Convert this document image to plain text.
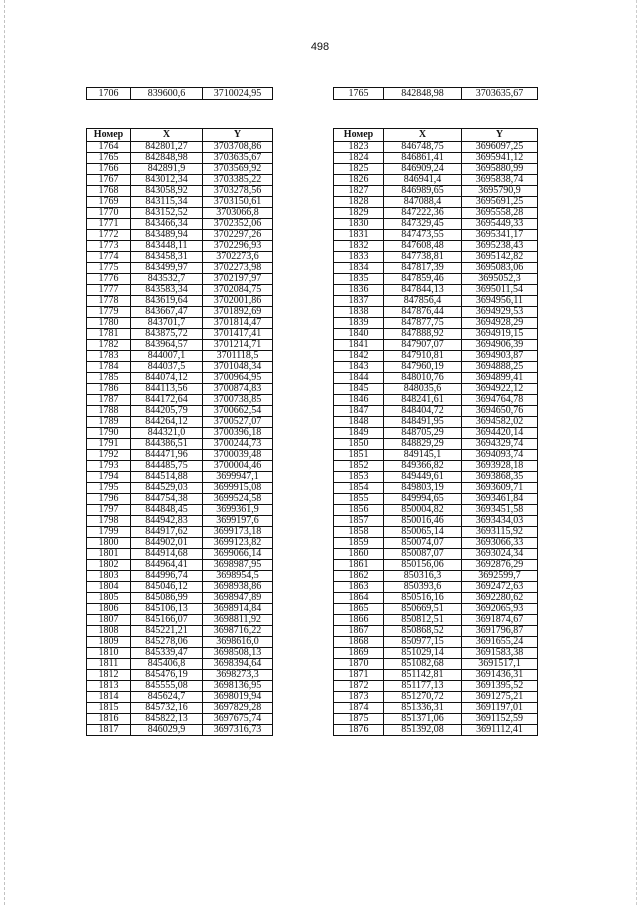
498
1706	839600,6	3710024,95	1765	842848,98	3703635,67
Номер	X	Y
1764	842801,27	3703708,86
1765	842848,98	3703635,67
1766	842891,9	3703569,92
1767	843012,34	3703385,22
1768	843058,92	3703278,56
1769	843115,34	3703150,61
1770	843152,52	3703066,8
1771	843466,34	3702352,06
1772	843489,94	3702297,26
1773	843448,11	3702296,93
1774	843458,31	3702273,6
1775	843499,97	3702273,98
1776	843532,7	3702197,97
1777	843583,34	3702084,75
1778	843619,64	3702001,86
1779	843667,47	3701892,69
1780	843701,7	3701814,47
1781	843875,72	3701417,41
1782	843964,57	3701214,71
1783	844007,1	3701118,5
1784	844037,5	3701048,34
1785	844074,12	3700964,95
1786	844113,56	3700874,83
1787	844172,64	3700738,85
1788	844205,79	3700662,54
1789	844264,12	3700527,07
1790	844321,0	3700396,18
1791	844386,51	3700244,73
1792	844471,96	3700039,48
1793	844485,75	3700004,46
1794	844514,88	3699947,1
1795	844529,03	3699915,08
1796	844754,38	3699524,58
1797	844848,45	3699361,9
1798	844942,83	3699197,6
1799	844917,62	3699173,18
1800	844902,01	3699123,82
1801	844914,68	3699066,14
1802	844964,41	3698987,95
1803	844996,74	3698954,5
1804	845046,12	3698938,86
1805	845086,99	3698947,89
1806	845106,13	3698914,84
1807	845166,07	3698811,92
1808	845221,21	3698716,22
1809	845278,06	3698616,0
1810	845339,47	3698508,13
1811	845406,8	3698394,64
1812	845476,19	3698273,3
1813	845555,08	3698136,95
1814	845624,7	3698019,94
1815	845732,16	3697829,28
1816	845822,13	3697675,74
1817	846029,9	3697316,73
Номер	X	Y
1823	846748,75	3696097,25
1824	846861,41	3695941,12
1825	846909,24	3695880,99
1826	846941,4	3695838,74
1827	846989,65	3695790,9
1828	847088,4	3695691,25
1829	847222,36	3695558,28
1830	847329,45	3695449,33
1831	847473,55	3695341,17
1832	847608,48	3695238,43
1833	847738,81	3695142,82
1834	847817,39	3695083,06
1835	847859,46	3695052,3
1836	847844,13	3695011,54
1837	847856,4	3694956,11
1838	847876,44	3694929,53
1839	847877,75	3694928,29
1840	847888,92	3694919,15
1841	847907,07	3694906,39
1842	847910,81	3694903,87
1843	847960,19	3694888,25
1844	848010,76	3694899,41
1845	848035,6	3694922,12
1846	848241,61	3694764,78
1847	848404,72	3694650,76
1848	848491,95	3694582,02
1849	848705,29	3694420,14
1850	848829,29	3694329,74
1851	849145,1	3694093,74
1852	849366,82	3693928,18
1853	849449,61	3693868,35
1854	849803,19	3693609,71
1855	849994,65	3693461,84
1856	850004,82	3693451,58
1857	850016,46	3693434,03
1858	850065,14	3693115,92
1859	850074,07	3693066,33
1860	850087,07	3693024,34
1861	850156,06	3692876,29
1862	850316,3	3692599,7
1863	850393,6	3692472,63
1864	850516,16	3692280,62
1865	850669,51	3692065,93
1866	850812,51	3691874,67
1867	850868,52	3691796,87
1868	850977,15	3691655,24
1869	851029,14	3691583,38
1870	851082,68	3691517,1
1871	851142,81	3691436,31
1872	851177,13	3691395,52
1873	851270,72	3691275,21
1874	851336,31	3691197,01
1875	851371,06	3691152,59
1876	851392,08	3691112,41
